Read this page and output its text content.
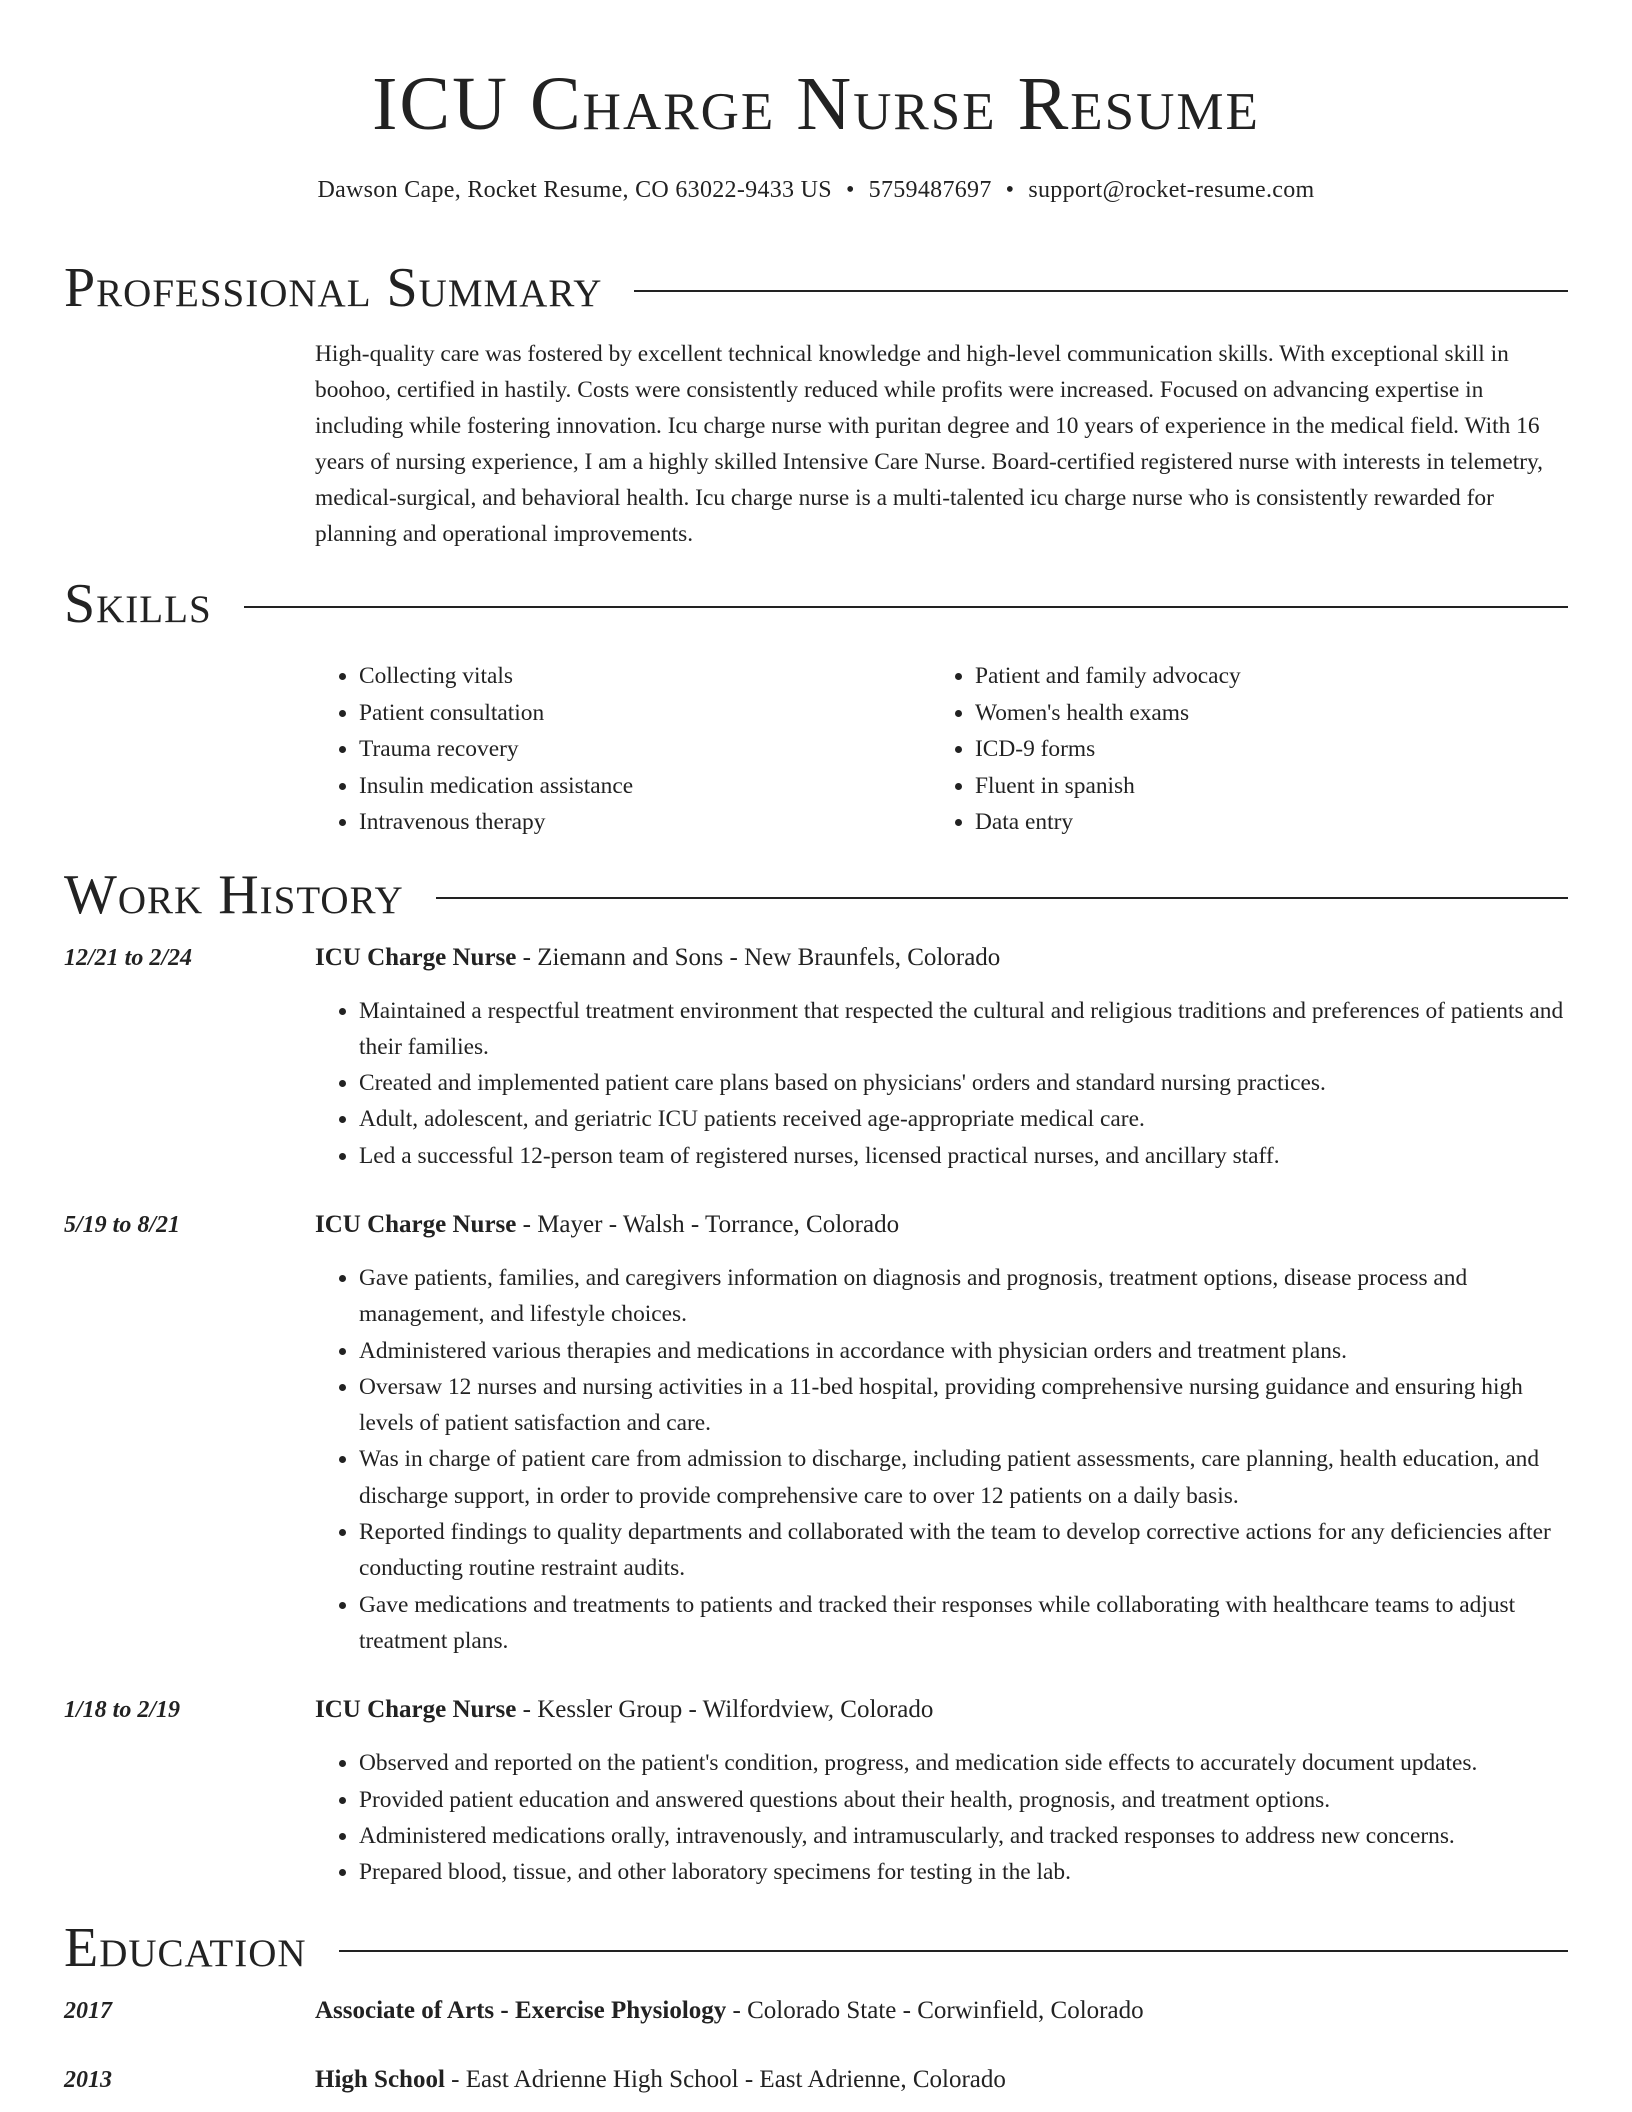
ICU Charge Nurse Resume
Dawson Cape, Rocket Resume, CO 63022-9433 US • 5759487697 • support@rocket-resume.com
Professional Summary
High-quality care was fostered by excellent technical knowledge and high-level communication skills. With exceptional skill in boohoo, certified in hastily. Costs were consistently reduced while profits were increased. Focused on advancing expertise in including while fostering innovation. Icu charge nurse with puritan degree and 10 years of experience in the medical field. With 16 years of nursing experience, I am a highly skilled Intensive Care Nurse. Board-certified registered nurse with interests in telemetry, medical-surgical, and behavioral health. Icu charge nurse is a multi-talented icu charge nurse who is consistently rewarded for planning and operational improvements.
Skills
• Collecting vitals
• Patient consultation
• Trauma recovery
• Insulin medication assistance
• Intravenous therapy
• Patient and family advocacy
• Women's health exams
• ICD-9 forms
• Fluent in spanish
• Data entry
Work History
12/21 to 2/24	ICU Charge Nurse - Ziemann and Sons - New Braunfels, Colorado
• Maintained a respectful treatment environment that respected the cultural and religious traditions and preferences of patients and their families.
• Created and implemented patient care plans based on physicians' orders and standard nursing practices.
• Adult, adolescent, and geriatric ICU patients received age-appropriate medical care.
• Led a successful 12-person team of registered nurses, licensed practical nurses, and ancillary staff.
5/19 to 8/21	ICU Charge Nurse - Mayer - Walsh - Torrance, Colorado
• Gave patients, families, and caregivers information on diagnosis and prognosis, treatment options, disease process and management, and lifestyle choices.
• Administered various therapies and medications in accordance with physician orders and treatment plans.
• Oversaw 12 nurses and nursing activities in a 11-bed hospital, providing comprehensive nursing guidance and ensuring high levels of patient satisfaction and care.
• Was in charge of patient care from admission to discharge, including patient assessments, care planning, health education, and discharge support, in order to provide comprehensive care to over 12 patients on a daily basis.
• Reported findings to quality departments and collaborated with the team to develop corrective actions for any deficiencies after conducting routine restraint audits.
• Gave medications and treatments to patients and tracked their responses while collaborating with healthcare teams to adjust treatment plans.
1/18 to 2/19	ICU Charge Nurse - Kessler Group - Wilfordview, Colorado
• Observed and reported on the patient's condition, progress, and medication side effects to accurately document updates.
• Provided patient education and answered questions about their health, prognosis, and treatment options.
• Administered medications orally, intravenously, and intramuscularly, and tracked responses to address new concerns.
• Prepared blood, tissue, and other laboratory specimens for testing in the lab.
Education
2017	Associate of Arts - Exercise Physiology - Colorado State - Corwinfield, Colorado
2013	High School - East Adrienne High School - East Adrienne, Colorado
